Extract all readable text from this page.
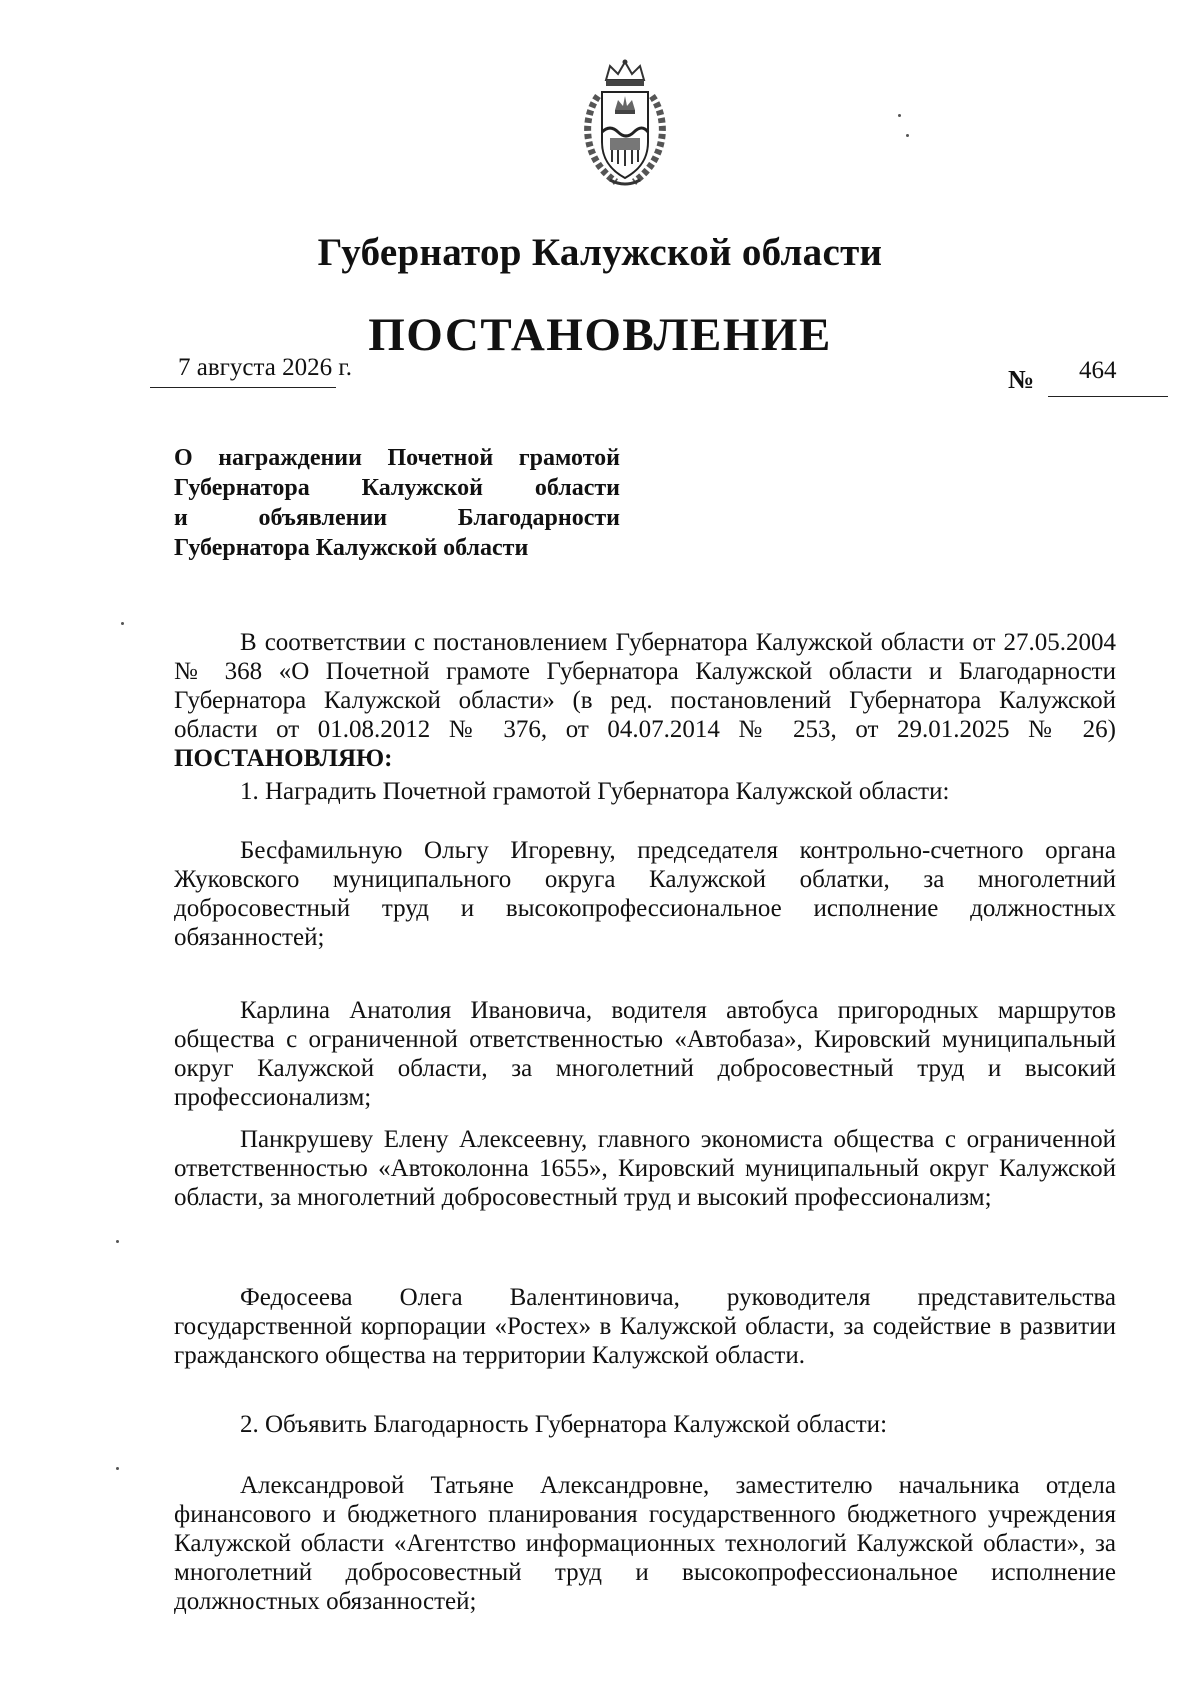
Губернатор Калужской области
ПОСТАНОВЛЕНИЕ
7 августа 2026 г.	№ 464
О награждении Почетной грамотой
Губернатора Калужской области
и объявлении Благодарности
Губернатора Калужской области
В соответствии с постановлением Губернатора Калужской области от 27.05.2004 № 368 «О Почетной грамоте Губернатора Калужской области и Благодарности Губернатора Калужской области» (в ред. постановлений Губернатора Калужской области от 01.08.2012 № 376, от 04.07.2014 № 253, от 29.01.2025 № 26) ПОСТАНОВЛЯЮ:
1. Наградить Почетной грамотой Губернатора Калужской области:
Бесфамильную Ольгу Игоревну, председателя контрольно-счетного органа Жуковского муниципального округа Калужской облатки, за многолетний добросовестный труд и высокопрофессиональное исполнение должностных обязанностей;
Карлина Анатолия Ивановича, водителя автобуса пригородных маршрутов общества с ограниченной ответственностью «Автобаза», Кировский муниципальный округ Калужской области, за многолетний добросовестный труд и высокий профессионализм;
Панкрушеву Елену Алексеевну, главного экономиста общества с ограниченной ответственностью «Автоколонна 1655», Кировский муниципальный округ Калужской области, за многолетний добросовестный труд и высокий профессионализм;
Федосеева Олега Валентиновича, руководителя представительства государственной корпорации «Ростех» в Калужской области, за содействие в развитии гражданского общества на территории Калужской области.
2. Объявить Благодарность Губернатора Калужской области:
Александровой Татьяне Александровне, заместителю начальника отдела финансового и бюджетного планирования государственного бюджетного учреждения Калужской области «Агентство информационных технологий Калужской области», за многолетний добросовестный труд и высокопрофессиональное исполнение должностных обязанностей;
